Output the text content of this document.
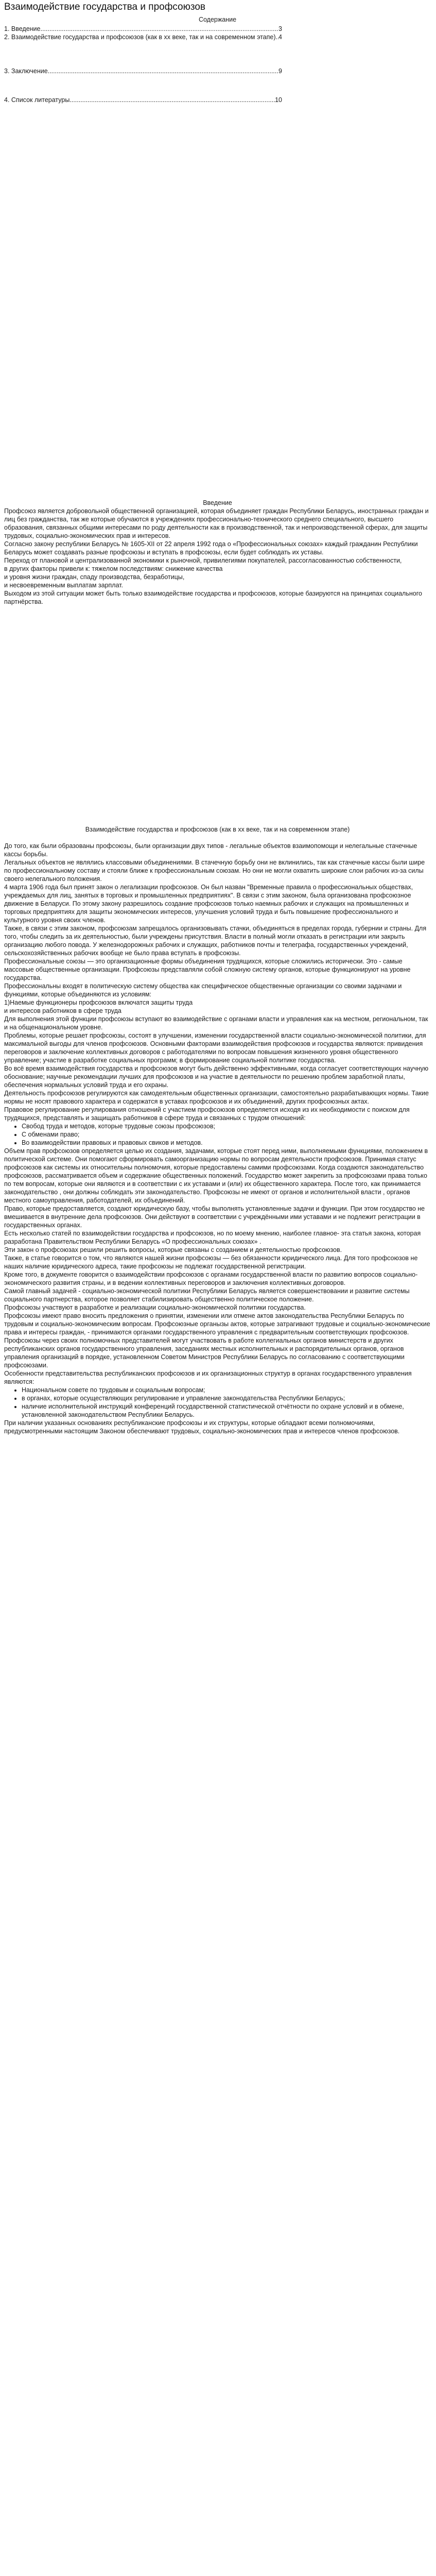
Взаимодействие государства и профсоюзов

Содержание

1. Введение .....	3
2. Взаимодействие государства и профсоюзов (как в хх веке, так и на современном этапе) ..... 4
3. Заключение .....	9
4. Список литературы .....	10

Введение

Профсоюз является добровольной общественной организацией, которая объединяет граждан Республики Беларусь, иностранных граждан и лиц без гражданства, так же которые обучаются в учреждениях профессионально-технического среднего специального, высшего образования, связанных общими интересами по роду деятельности как в производственной, так и непроизводственной сферах, для защиты трудовых, социально-экономических прав и интересов.

Согласно закону республики Беларусь № 1605-XII от 22 апреля 1992 года о «Профессиональных союзах» каждый гражданин Республики Беларусь может создавать разные профсоюзы и вступать в профсоюзы, если будет соблюдать их уставы.

Переход от плановой и централизованной экономики к рыночной, привилегиями покупателей, рассогласованностью собственности,

в других факторы привели к: тяжелом последствиям: снижение качества

и уровня жизни граждан, спаду производства, безработицы,

и несвоевременным выплатам зарплат.

Выходом из этой ситуации может быть только взаимодействие государства и профсоюзов, которые базируются на принципах социального партнёрства.

Взаимодействие государства и профсоюзов (как в хх веке, так и на современном этапе)

До того, как были образованы профсоюзы, были организации двух типов - легальные объектов взаимопомощи и нелегальные стачечные кассы борьбы.

Легальных объектов не являлись классовыми объединениями. В стачечную борьбу они не вклинились, так как стачечные кассы были шире по профессиональному составу и стояли ближе к профессиональным союзам. Но они не могли охватить широкие слои рабочих из-за силы своего нелегального положения.

4 марта 1906 года был принят закон о легализации профсоюзов. Он был назван "Временные правила о профессиональных обществах, учреждаемых для лиц, занятых в торговых и промышленных предприятиях". В связи с этим законом, была организована профсоюзное движение в Беларуси. По этому закону разрешилось создание профсоюзов только наемных рабочих и служащих на промышленных и торговых предприятиях для защиты экономических интересов, улучшения условий труда и быть повышение профессионального и культурного уровня своих членов.

Также, в связи с этим законом, профсоюзам запрещалось организовывать стачки, объединяться в пределах города, губернии и страны. Для того, чтобы следить за их деятельностью, были учреждены присутствия. Власти в полный могли отказать в регистрации или закрыть организацию любого повода. У железнодорожных рабочих и служащих, работников почты и телеграфа, государственных учреждений, сельскохозяйственных рабочих вообще не было права вступать в профсоюзы.

Профессиональные союзы — это организационные формы объединения трудящихся, которые сложились исторически. Это - самые массовые общественные организации. Профсоюзы представляли собой сложную систему органов, которые функционируют на уровне государства.

Профессиональны входят в политическую систему общества как специфическое общественные организации со своими задачами и функциями, которые объединяются из условиям:

1)Наемые функционеры профсоюзов включатся защиты труда

и интересов работников в сфере труда

Для выполнения этой функции профсоюзы вступают во взаимодействие с органами власти и управления как на местном, региональном, так и на общенациональном уровне.

Проблемы, которые решает профсоюзы, состоят в улучшении, изменении государственной власти социально-экономической политики, для максимальной выгоды для членов профсоюзов. Основными факторами взаимодействия профсоюзов и государства являются: привидения переговоров и заключение коллективных договоров с работодателями по вопросам повышения жизненного уровня общественного управление; участие в разработке социальных программ; в формирование социальной политике государства.

Во всё время взаимодействия государства и профсоюзов могут быть действенно эффективными, когда согласует соответствующих научную обоснование; научные рекомендации лучших для профсоюзов и на участие в деятельности по решению проблем заработной платы, обеспечения нормальных условий труда и его охраны.

Деятельность профсоюзов регулируются как самодеятельным общественных организации, самостоятельно разрабатывающих нормы. Такие нормы не носят правового характера и содержатся в уставах профсоюзов и их объединений, других профсоюзных актах.

Правовое регулирование регулирования отношений с участием профсоюзов определяется исходя из их необходимости с поиском для трудящихся, представлять и защищать работников в сфере труда и связанных с трудом отношений:

• Свобод труда и методов, которые трудовые союзы профсоюзов;
• С обменами право;
• Во взаимодействии правовых и правовых свиков и методов.

Объем прав профсоюзов определяется целью их создания, задачами, которые стоят перед ними, выполняемыми функциями, положением в политической системе. Они помогают сформировать самоорганизацию нормы по вопросам деятельности профсоюзов. Принимая статус профсоюзов как системы их относительны полномочия, которые предоставлены самими профсоюзами. Когда создаются законодательство профсоюзов, рассматривается объем и содержание общественных положений. Государство может закрепить за профсоюзами права только по тем вопросам, которые они являются и в соответствии с их уставами и (или) их общественного характера. После того, как принимается законодательство , они должны соблюдать эти законодательство. Профсоюзы не имеют от органов и исполнительной власти , органов местного самоуправления, работодателей, их объединений.

Право, которые предоставляется, создают юридическую базу, чтобы выполнять установленные задачи и функции. При этом государство не вмешивается в внутренние дела профсоюзов. Они действуют в соответствии с учреждёнными ими уставами и не подлежит регистрации в государственных органах.

Есть несколько статей по взаимодействии государства и профсоюзов, но по моему мнению, наиболее главное- эта статья закона, которая разработана Правительством Республики Беларусь «О профессиональных союзах» .

Эти закон о профсоюзах решили решить вопросы, которые связаны с созданием и деятельностью профсоюзов.

Также, в статье говорится о том, что являются нашей жизни профсоюзы — без обязанности юридического лица. Для того профсоюзов не наших наличие юридического адреса, такие профсоюзы не подлежат государственной регистрации.

Кроме того, в документе говорится о взаимодействии профсоюзов с органами государственной власти по развитию вопросов социально-экономического развития страны, и в ведении коллективных переговоров и заключения коллективных договоров.

Самой главный задачей - социально-экономической политики Республики Беларусь является совершенствовании и развитие системы социального партнерства, которое позволяет стабилизировать общественно политическое положение.

Профсоюзы участвуют в разработке и реализации социально-экономической политики государства.

Профсоюзы имеют право вносить предложения о принятии, изменении или отмене актов законодательства Республики Беларусь по трудовым и социально-экономическим вопросам. Профсоюзные органызы актов, которые затрагивают трудовые и социально-экономические права и интересы граждан, - принимаются органами государственного управления с предварительным соответствующих профсоюзов.

Профсоюзы через своих полномочных представителей могут участвовать в работе коллегиальных органов министерств и других республиканских органов государственного управления, заседаниях местных исполнительных и распорядительных органов, органов управления организаций в порядке, установленном Советом Министров Республики Беларусь по согласованию с соответствующими профсоюзами.

Особенности представительства республиканских профсоюзов и их организационных структур в органах государственного управления являются:

• Национальном совете по трудовым и социальным вопросам;
• в органах, которые осуществляющих регулирование и управление законодательства Республики Беларусь;
• наличие исполнительной инструкций конференций государственной статистической отчётности по охране условий и в обмене, установленной законодательством Республики Беларусь.

При наличии указанных основаниях республиканские профсоюзы и их структуры, которые обладают всеми полномочиями, предусмотренными настоящим Законом обеспечивают трудовых, социально-экономических прав и интересов членов профсоюзов.
